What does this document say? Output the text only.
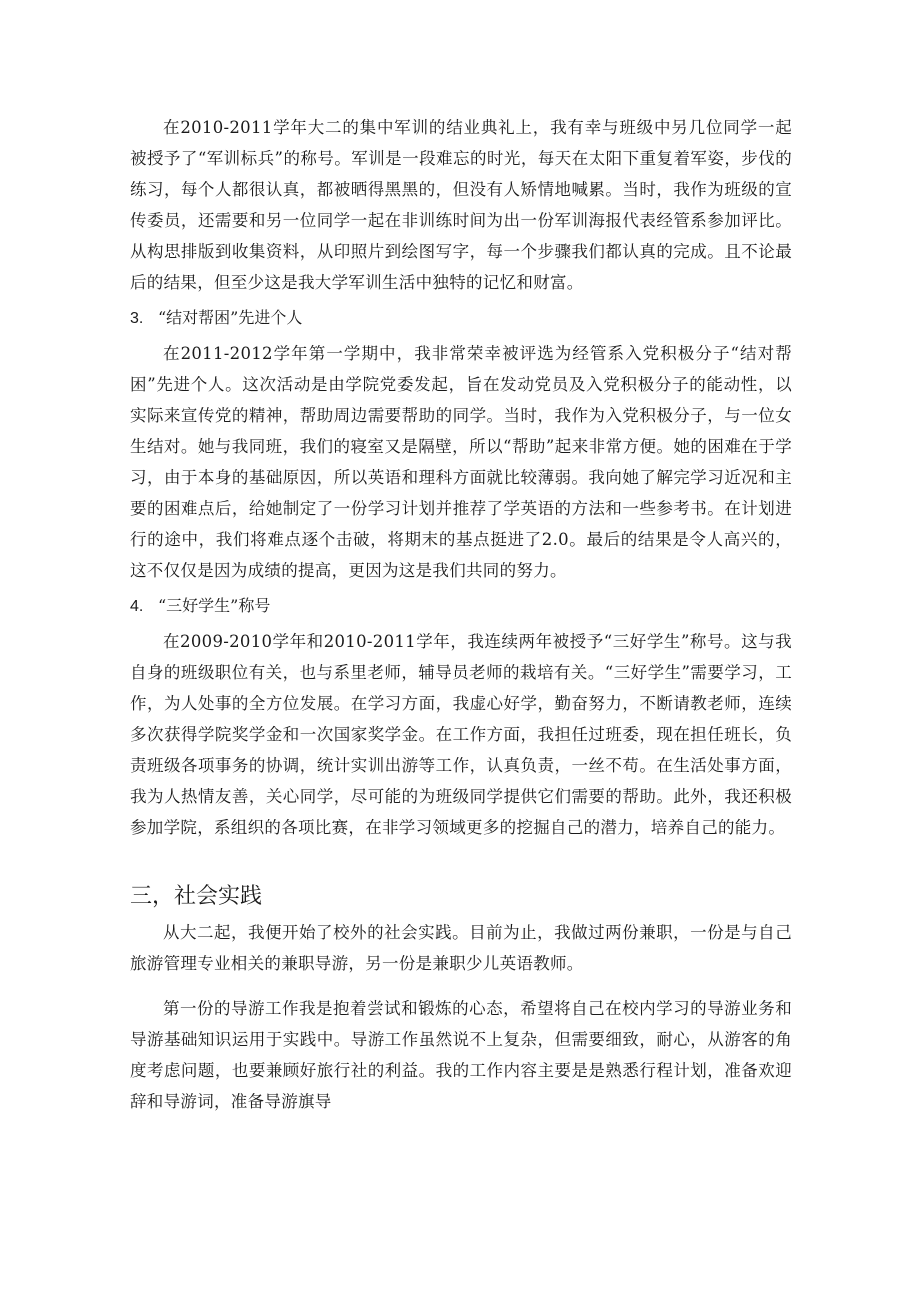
在2010-2011学年大二的集中军训的结业典礼上，我有幸与班级中另几位同学一起被授予了“军训标兵”的称号。军训是一段难忘的时光，每天在太阳下重复着军姿，步伐的练习，每个人都很认真，都被晒得黑黑的，但没有人矫情地喊累。当时，我作为班级的宣传委员，还需要和另一位同学一起在非训练时间为出一份军训海报代表经管系参加评比。从构思排版到收集资料，从印照片到绘图写字，每一个步骤我们都认真的完成。且不论最后的结果，但至少这是我大学军训生活中独特的记忆和财富。

3. “结对帮困”先进个人

在2011-2012学年第一学期中，我非常荣幸被评选为经管系入党积极分子“结对帮困”先进个人。这次活动是由学院党委发起，旨在发动党员及入党积极分子的能动性，以实际来宣传党的精神，帮助周边需要帮助的同学。当时，我作为入党积极分子，与一位女生结对。她与我同班，我们的寝室又是隔壁，所以“帮助”起来非常方便。她的困难在于学习，由于本身的基础原因，所以英语和理科方面就比较薄弱。我向她了解完学习近况和主要的困难点后，给她制定了一份学习计划并推荐了学英语的方法和一些参考书。在计划进行的途中，我们将难点逐个击破，将期末的基点挺进了2.0。最后的结果是令人高兴的，这不仅仅是因为成绩的提高，更因为这是我们共同的努力。

4. “三好学生”称号

在2009-2010学年和2010-2011学年，我连续两年被授予“三好学生”称号。这与我自身的班级职位有关，也与系里老师，辅导员老师的栽培有关。“三好学生”需要学习，工作，为人处事的全方位发展。在学习方面，我虚心好学，勤奋努力，不断请教老师，连续多次获得学院奖学金和一次国家奖学金。在工作方面，我担任过班委，现在担任班长，负责班级各项事务的协调，统计实训出游等工作，认真负责，一丝不苟。在生活处事方面，我为人热情友善，关心同学，尽可能的为班级同学提供它们需要的帮助。此外，我还积极参加学院，系组织的各项比赛，在非学习领域更多的挖掘自己的潜力，培养自己的能力。

三，社会实践

从大二起，我便开始了校外的社会实践。目前为止，我做过两份兼职，一份是与自己旅游管理专业相关的兼职导游，另一份是兼职少儿英语教师。

第一份的导游工作我是抱着尝试和锻炼的心态，希望将自己在校内学习的导游业务和导游基础知识运用于实践中。导游工作虽然说不上复杂，但需要细致，耐心，从游客的角度考虑问题，也要兼顾好旅行社的利益。我的工作内容主要是是熟悉行程计划，准备欢迎辞和导游词，准备导游旗导
